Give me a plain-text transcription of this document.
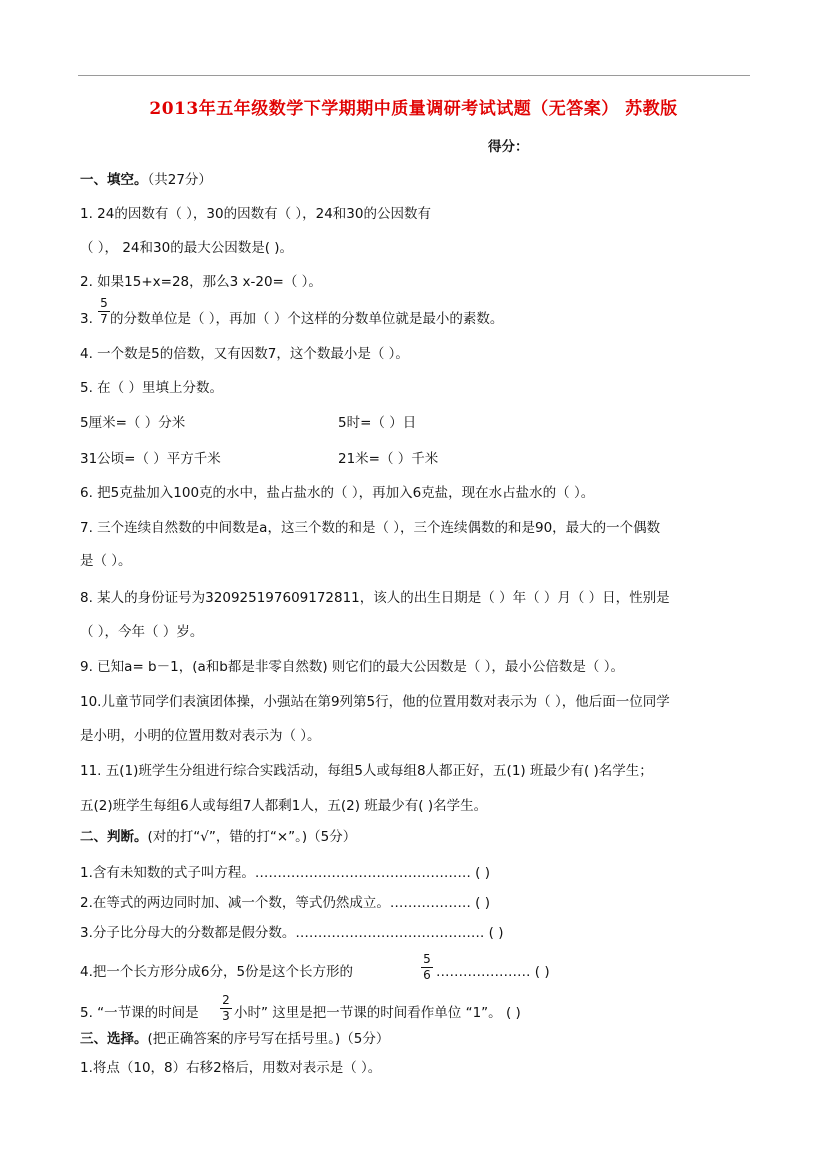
2013年五年级数学下学期期中质量调研考试试题（无答案） 苏教版
得分：
一、填空。（共27分）
1. 24的因数有（ ），30的因数有（ ），24和30的公因数有
（ ）， 24和30的最大公因数是( )。
2. 如果15+x=28，那么3 x-20=（ ）。
3.
5
7 的分数单位是（ ），再加（ ）个这样的分数单位就是最小的素数。
4. 一个数是5的倍数，又有因数7，这个数最小是（ ）。
5. 在（ ）里填上分数。
5厘米=（ ）分米	5时=（ ）日
31公顷=（ ）平方千米	21米=（ ）千米
6. 把5克盐加入100克的水中，盐占盐水的（ ），再加入6克盐，现在水占盐水的（ ）。
7. 三个连续自然数的中间数是a，这三个数的和是（ ），三个连续偶数的和是90，最大的一个偶数
是（ ）。
8. 某人的身份证号为320925197609172811，该人的出生日期是（ ）年（ ）月（ ）日，性别是
（ ），今年（ ）岁。
9. 已知a= b－1，(a和b都是非零自然数) 则它们的最大公因数是（ ），最小公倍数是（ ）。
10.儿童节同学们表演团体操，小强站在第9列第5行，他的位置用数对表示为（ ），他后面一位同学
是小明，小明的位置用数对表示为（ ）。
11. 五(1)班学生分组进行综合实践活动，每组5人或每组8人都正好，五(1) 班最少有( )名学生；
五(2)班学生每组6人或每组7人都剩1人，五(2) 班最少有( )名学生。
二、判断。(对的打“√”，错的打“×”。)（5分）
1.含有未知数的式子叫方程。………………………………………… ( )
2.在等式的两边同时加、减一个数，等式仍然成立。……………… ( )
3.分子比分母大的分数都是假分数。…………………………………… ( )
4.把一个长方形分成6分，5份是这个长方形的
5
6 ………………… ( )
5. “一节课的时间是
2
3 小时” 这里是把一节课的时间看作单位 “1”。 ( )
三、选择。(把正确答案的序号写在括号里。)（5分）
1.将点（10，8）右移2格后，用数对表示是（ ）。
